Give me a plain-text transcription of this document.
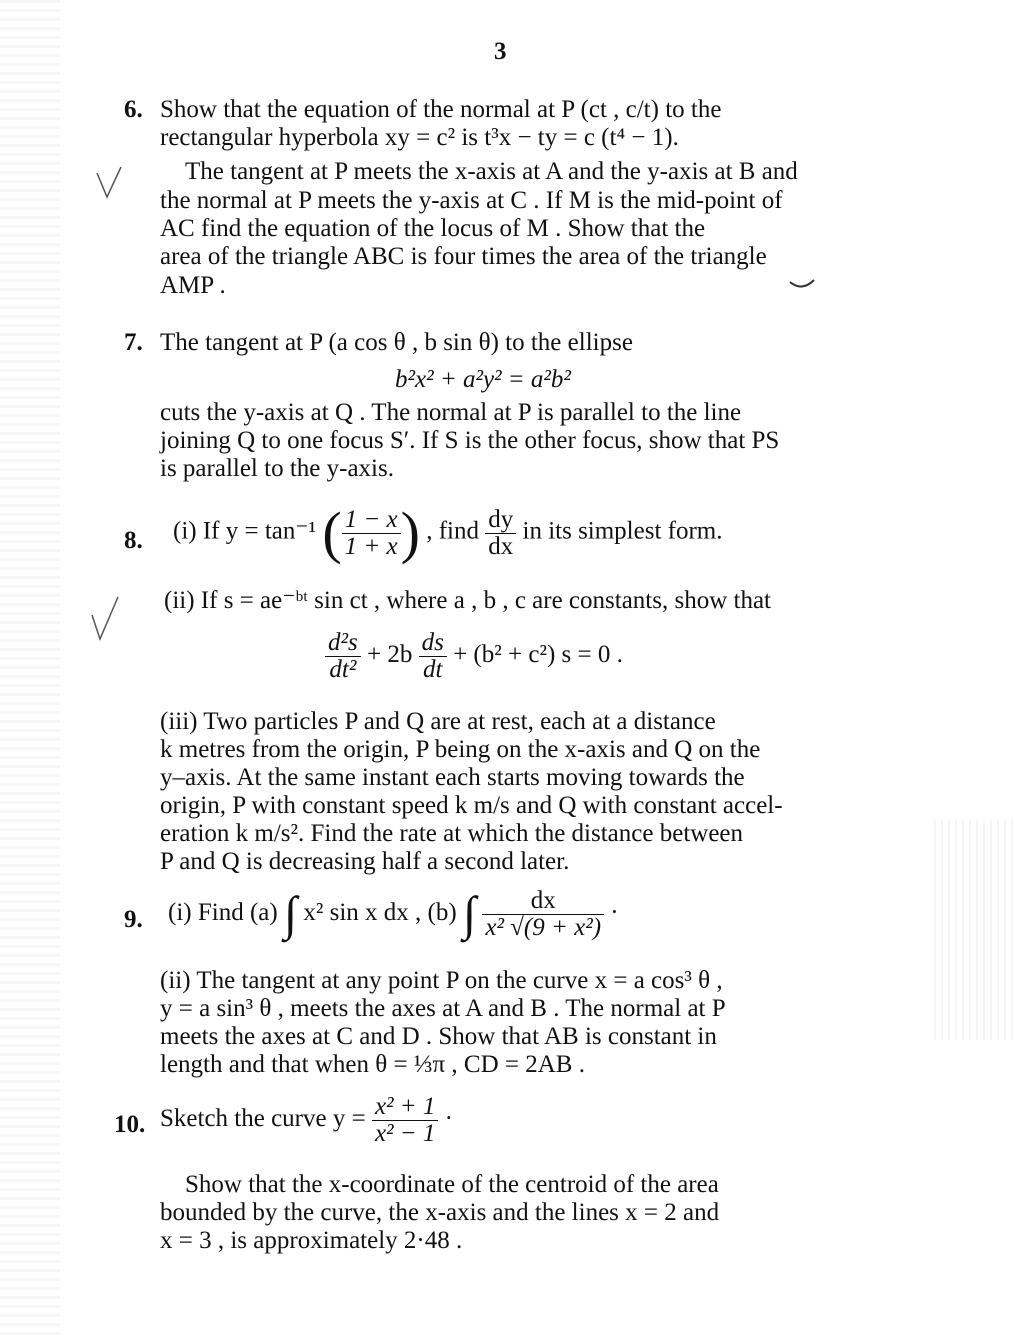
3
6. Show that the equation of the normal at P (ct , c/t) to the
rectangular hyperbola xy = c² is t³x − ty = c (t⁴ − 1).
The tangent at P meets the x-axis at A and the y-axis at B and
the normal at P meets the y-axis at C . If M is the mid-point of
AC find the equation of the locus of M . Show that the
area of the triangle ABC is four times the area of the triangle
AMP .
7. The tangent at P (a cos θ , b sin θ) to the ellipse
b²x² + a²y² = a²b²
cuts the y-axis at Q . The normal at P is parallel to the line
joining Q to one focus S′. If S is the other focus, show that PS
is parallel to the y-axis.
8. (i) If y = tan⁻¹ ( $\frac{1 - x}{1 + x}$ ) , find $\frac{dy}{dx}$ in its simplest form.
(ii) If s = ae⁻ᵇᵗ sin ct , where a , b , c are constants, show that
$\frac{\text{d²s}}{\text{dt²}} + 2b \frac{ds}{dt} + (b^2 + c^2) s = 0$ .
(iii) Two particles P and Q are at rest, each at a distance
k metres from the origin, P being on the x-axis and Q on the
y–axis. At the same instant each starts moving towards the
origin, P with constant speed k m/s and Q with constant accel-
eration k m/s². Find the rate at which the distance between
P and Q is decreasing half a second later.
9. (i) Find (a) ∫ x² sin x dx , (b) ∫ $\frac{dx}{\text{x² √(9 + x²)}}$ ·
(ii) The tangent at any point P on the curve x = a cos³ θ ,
y = a sin³ θ , meets the axes at A and B . The normal at P
meets the axes at C and D . Show that AB is constant in
length and that when θ = ⅓π , CD = 2AB .
10. Sketch the curve $y = \frac{\text{x² + 1}}{\text{x² − 1}}$ ·
Show that the x-coordinate of the centroid of the area
bounded by the curve, the x-axis and the lines x = 2 and
x = 3 , is approximately 2·48 .
